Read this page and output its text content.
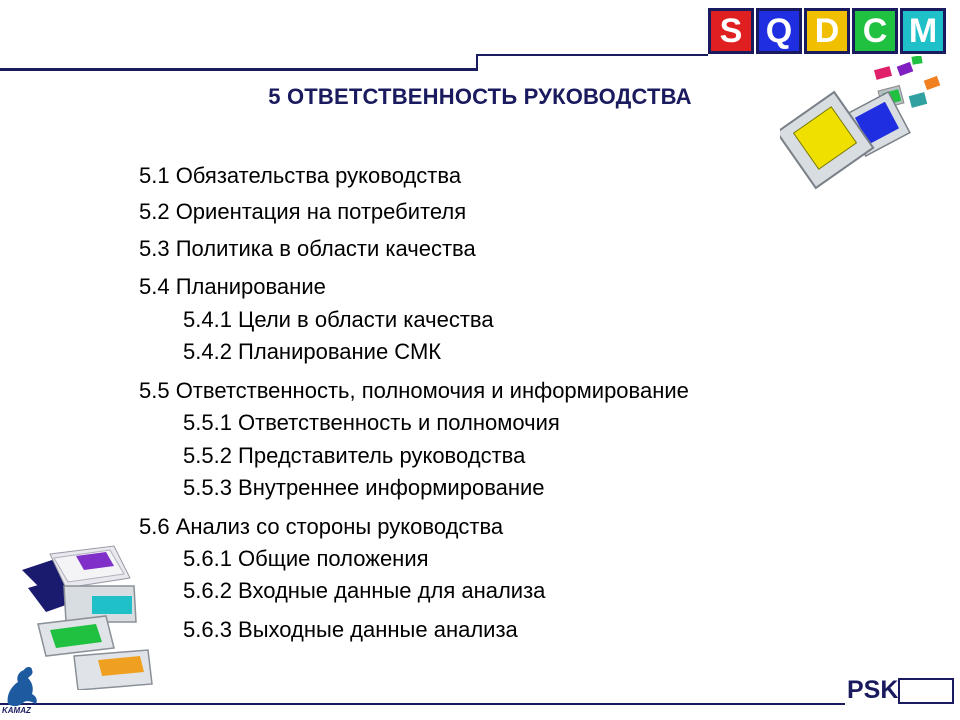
S Q D C M
5 ОТВЕТСТВЕННОСТЬ РУКОВОДСТВА
5.1 Обязательства руководства
5.2 Ориентация на потребителя
5.3 Политика в области качества
5.4 Планирование
5.4.1 Цели в области качества
5.4.2 Планирование СМК
5.5 Ответственность, полномочия и информирование
5.5.1 Ответственность и полномочия
5.5.2 Представитель руководства
5.5.3 Внутреннее информирование
5.6 Анализ со стороны руководства
5.6.1 Общие положения
5.6.2 Входные данные для анализа
5.6.3 Выходные данные анализа
KAMAZ
PSK
